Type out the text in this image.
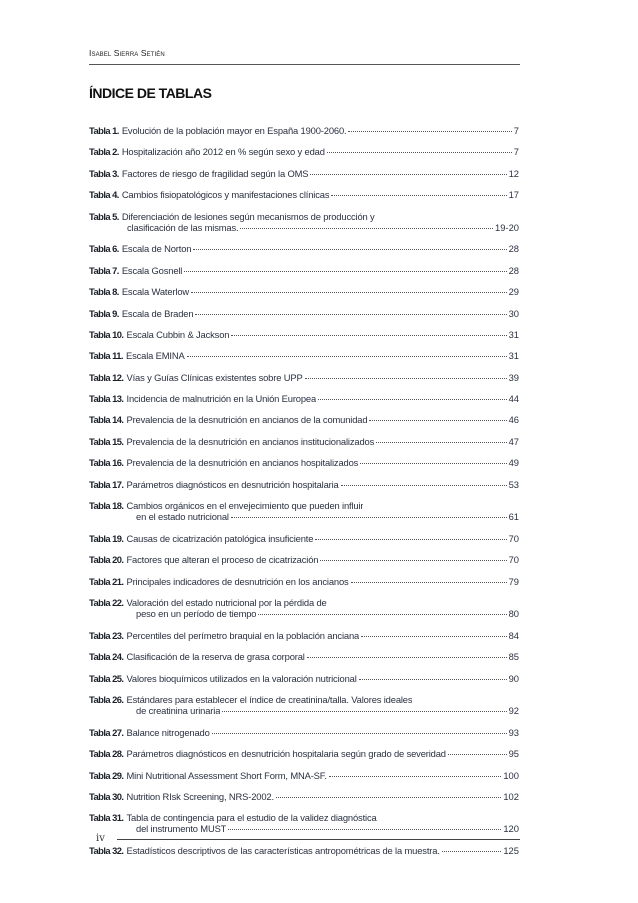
Isabel Sierra Setién
ÍNDICE DE TABLAS
Tabla 1. Evolución de la población mayor en España 1900-2060.	7
Tabla 2. Hospitalización año 2012 en % según sexo y edad	7
Tabla 3. Factores de riesgo de fragilidad según la OMS	12
Tabla 4. Cambios fisiopatológicos y manifestaciones clínicas	17
Tabla 5. Diferenciación de lesiones según mecanismos de producción y
clasificación de las mismas.	19-20
Tabla 6. Escala de Norton	28
Tabla 7. Escala Gosnell	28
Tabla 8. Escala Waterlow	29
Tabla 9. Escala de Braden	30
Tabla 10. Escala Cubbin & Jackson	31
Tabla 11. Escala EMINA	31
Tabla 12. Vías y Guías Clínicas existentes sobre UPP	39
Tabla 13. Incidencia de malnutrición en la Unión Europea	44
Tabla 14. Prevalencia de la desnutrición en ancianos de la comunidad	46
Tabla 15. Prevalencia de la desnutrición en ancianos institucionalizados	47
Tabla 16. Prevalencia de la desnutrición en ancianos hospitalizados	49
Tabla 17. Parámetros diagnósticos en desnutrición hospitalaria	53
Tabla 18. Cambios orgánicos en el envejecimiento que pueden influir
en el estado nutricional	61
Tabla 19. Causas de cicatrización patológica insuficiente	70
Tabla 20. Factores que alteran el proceso de cicatrización	70
Tabla 21. Principales indicadores de desnutrición en los ancianos	79
Tabla 22. Valoración del estado nutricional por la pérdida de
peso en un período de tiempo	80
Tabla 23. Percentiles del perímetro braquial en la población anciana	84
Tabla 24. Clasificación de la reserva de grasa corporal	85
Tabla 25. Valores bioquímicos utilizados en la valoración nutricional	90
Tabla 26. Estándares para establecer el índice de creatinina/talla. Valores ideales
de creatinina urinaria	92
Tabla 27. Balance nitrogenado	93
Tabla 28. Parámetros diagnósticos en desnutrición hospitalaria según grado de severidad	95
Tabla 29. Mini Nutritional Assessment Short Form, MNA-SF.	100
Tabla 30. Nutrition RIsk Screening, NRS-2002.	102
Tabla 31. Tabla de contingencia para el estudio de la validez diagnóstica
del instrumento MUST	120
Tabla 32. Estadísticos descriptivos de las características antropométricas de la muestra.	125
iv
